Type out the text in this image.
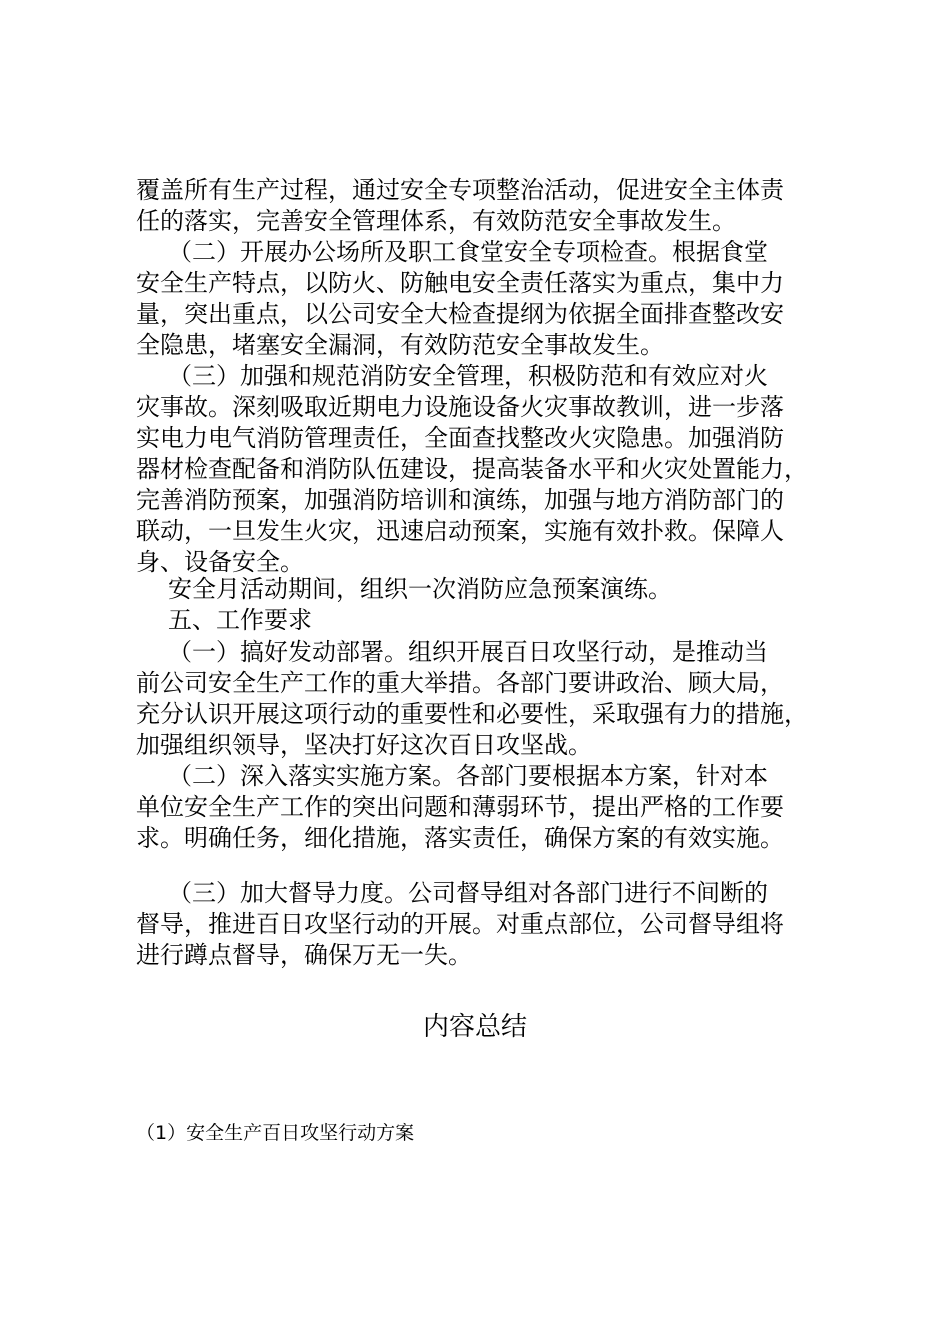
覆盖所有生产过程，通过安全专项整治活动，促进安全主体责
任的落实，完善安全管理体系，有效防范安全事故发生。
（二）开展办公场所及职工食堂安全专项检查。根据食堂
安全生产特点，以防火、防触电安全责任落实为重点，集中力
量，突出重点，以公司安全大检查提纲为依据全面排查整改安
全隐患，堵塞安全漏洞，有效防范安全事故发生。
（三）加强和规范消防安全管理，积极防范和有效应对火
灾事故。深刻吸取近期电力设施设备火灾事故教训，进一步落
实电力电气消防管理责任，全面查找整改火灾隐患。加强消防
器材检查配备和消防队伍建设，提高装备水平和火灾处置能力，
完善消防预案，加强消防培训和演练，加强与地方消防部门的
联动，一旦发生火灾，迅速启动预案，实施有效扑救。保障人
身、设备安全。
安全月活动期间，组织一次消防应急预案演练。
五、工作要求
（一）搞好发动部署。组织开展百日攻坚行动，是推动当
前公司安全生产工作的重大举措。各部门要讲政治、顾大局，
充分认识开展这项行动的重要性和必要性，采取强有力的措施，
加强组织领导，坚决打好这次百日攻坚战。
（二）深入落实实施方案。各部门要根据本方案，针对本
单位安全生产工作的突出问题和薄弱环节，提出严格的工作要
求。明确任务，细化措施，落实责任，确保方案的有效实施。
（三）加大督导力度。公司督导组对各部门进行不间断的
督导，推进百日攻坚行动的开展。对重点部位，公司督导组将
进行蹲点督导，确保万无一失。
内容总结
（1）安全生产百日攻坚行动方案
